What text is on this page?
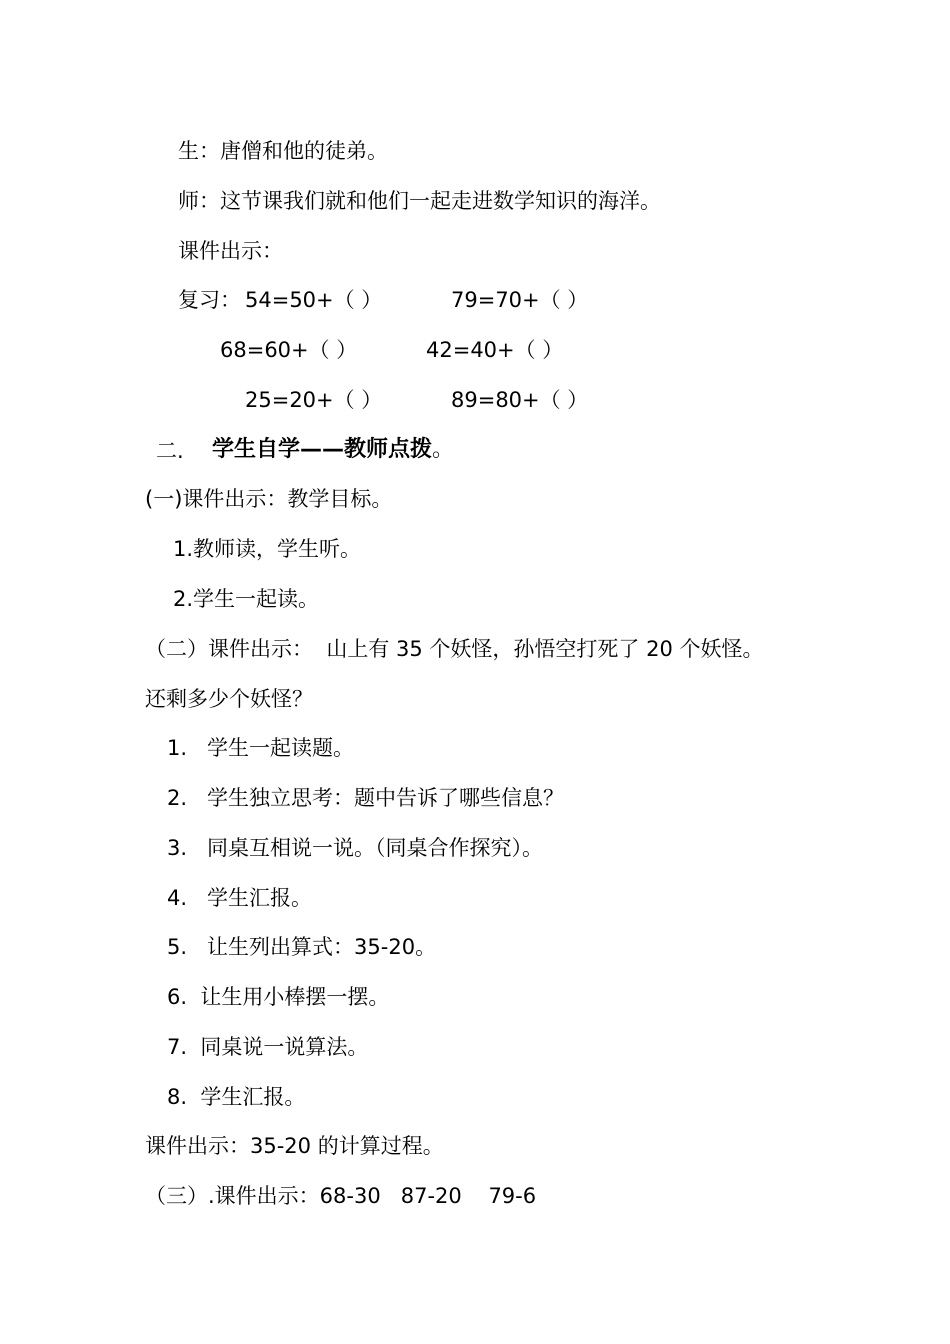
生：唐僧和他的徒弟。
师：这节课我们就和他们一起走进数学知识的海洋。
课件出示：
复习： 54=50+（ ）	79=70+（ ）
68=60+（ ）	42=40+（ ）
25=20+（ ）	89=80+（ ）
二. 学生自学——教师点拨。
(一)课件出示：教学目标。
1.教师读，学生听。
2.学生一起读。
（二）课件出示：  山上有 35 个妖怪，孙悟空打死了 20 个妖怪。
还剩多少个妖怪？
1.   学生一起读题。
2.   学生独立思考：题中告诉了哪些信息？
3.   同桌互相说一说。（同桌合作探究）。
4.   学生汇报。
5.   让生列出算式：35-20。
6.  让生用小棒摆一摆。
7.  同桌说一说算法。
8.  学生汇报。
课件出示：35-20 的计算过程。
（三）.课件出示：68-30   87-20    79-6
